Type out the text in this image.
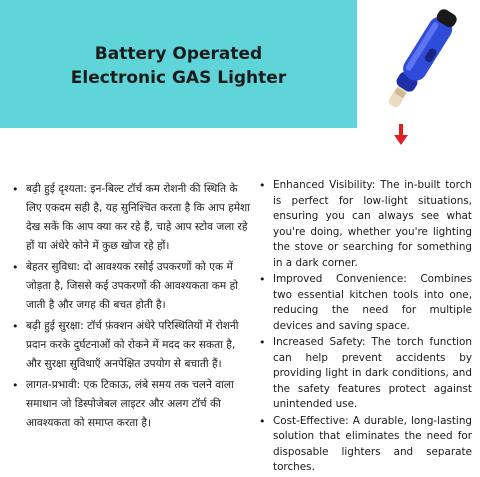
Battery Operated
Electronic GAS Lighter
• बढ़ी हुई दृश्यता: इन-बिल्ट टॉर्च कम रोशनी की स्थिति के लिए एकदम सही है, यह सुनिश्चित करता है कि आप हमेशा देख सकें कि आप क्या कर रहे हैं, चाहे आप स्टोव जला रहे हों या अंधेरे कोने में कुछ खोज रहे हों।
• बेहतर सुविधा: दो आवश्यक रसोई उपकरणों को एक में जोड़ता है, जिससे कई उपकरणों की आवश्यकता कम हो जाती है और जगह की बचत होती है।
• बढ़ी हुई सुरक्षा: टॉर्च फ़ंक्शन अंधेरे परिस्थितियों में रोशनी प्रदान करके दुर्घटनाओं को रोकने में मदद कर सकता है, और सुरक्षा सुविधाएँ अनपेक्षित उपयोग से बचाती हैं।
• लागत-प्रभावी: एक टिकाऊ, लंबे समय तक चलने वाला समाधान जो डिस्पोजेबल लाइटर और अलग टॉर्च की आवश्यकता को समाप्त करता है।
• Enhanced Visibility: The in-built torch is perfect for low-light situations, ensuring you can always see what you're doing, whether you're lighting the stove or searching for something in a dark corner.
• Improved Convenience: Combines two essential kitchen tools into one, reducing the need for multiple devices and saving space.
• Increased Safety: The torch function can help prevent accidents by providing light in dark conditions, and the safety features protect against unintended use.
• Cost-Effective: A durable, long-lasting solution that eliminates the need for disposable lighters and separate torches.
